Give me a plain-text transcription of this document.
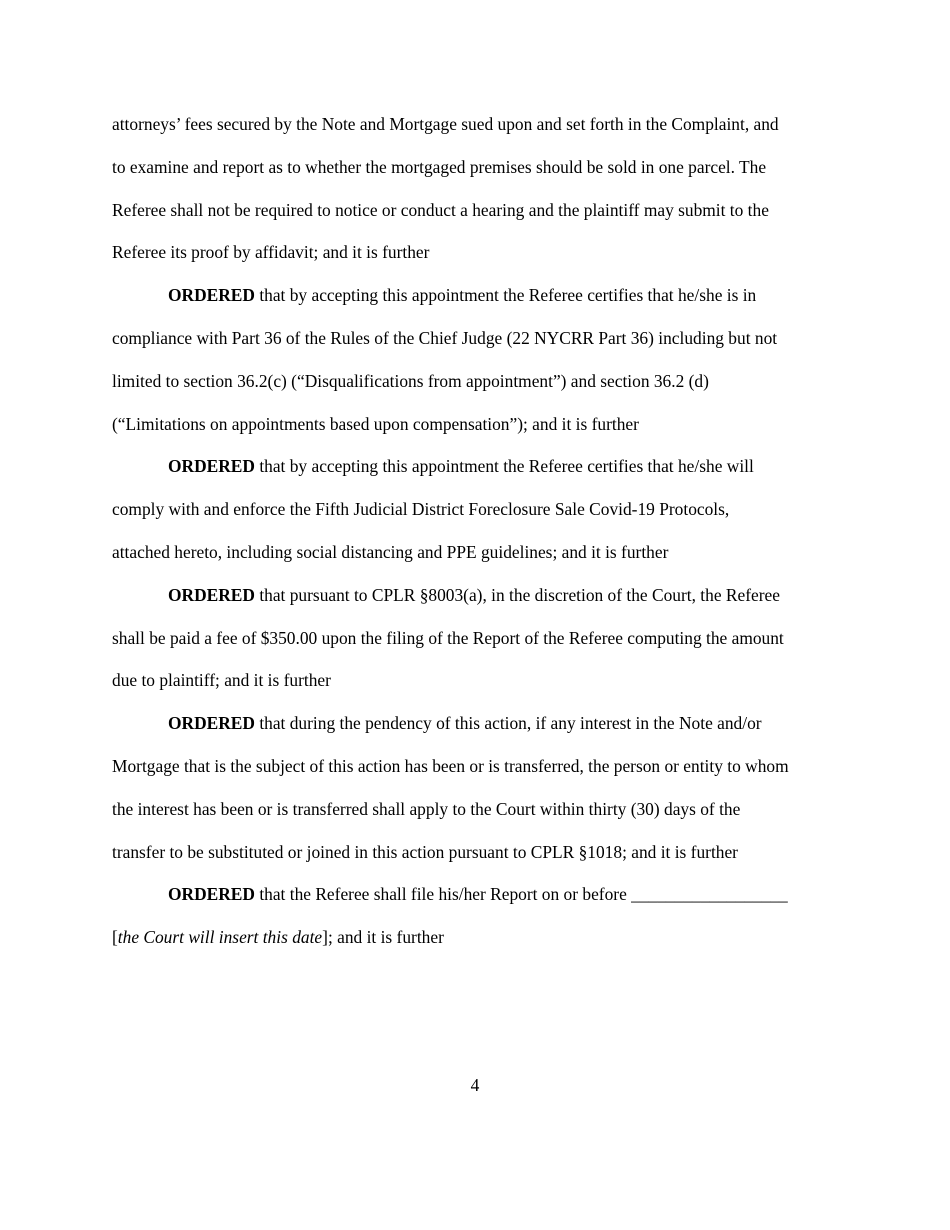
attorneys’ fees secured by the Note and Mortgage sued upon and set forth in the Complaint, and
to examine and report as to whether the mortgaged premises should be sold in one parcel. The
Referee shall not be required to notice or conduct a hearing and the plaintiff may submit to the
Referee its proof by affidavit; and it is further
ORDERED that by accepting this appointment the Referee certifies that he/she is in
compliance with Part 36 of the Rules of the Chief Judge (22 NYCRR Part 36) including but not
limited to section 36.2(c) (“Disqualifications from appointment”) and section 36.2 (d)
(“Limitations on appointments based upon compensation”); and it is further
ORDERED that by accepting this appointment the Referee certifies that he/she will
comply with and enforce the Fifth Judicial District Foreclosure Sale Covid-19 Protocols,
attached hereto, including social distancing and PPE guidelines; and it is further
ORDERED that pursuant to CPLR §8003(a), in the discretion of the Court, the Referee
shall be paid a fee of $350.00 upon the filing of the Report of the Referee computing the amount
due to plaintiff; and it is further
ORDERED that during the pendency of this action, if any interest in the Note and/or
Mortgage that is the subject of this action has been or is transferred, the person or entity to whom
the interest has been or is transferred shall apply to the Court within thirty (30) days of the
transfer to be substituted or joined in this action pursuant to CPLR §1018; and it is further
ORDERED that the Referee shall file his/her Report on or before __________________
[the Court will insert this date]; and it is further
4
